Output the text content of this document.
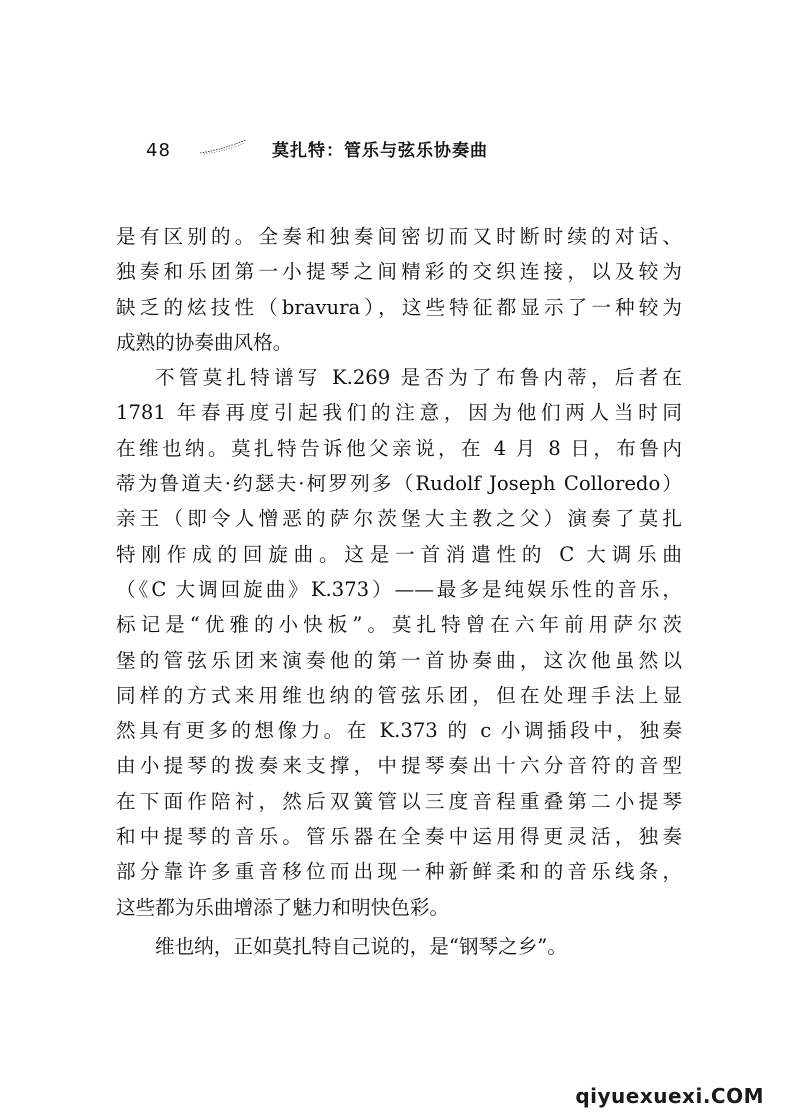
48	莫扎特：管乐与弦乐协奏曲
是有区别的。全奏和独奏间密切而又时断时续的对话、
独奏和乐团第一小提琴之间精彩的交织连接，以及较为
缺乏的炫技性（bravura），这些特征都显示了一种较为
成熟的协奏曲风格。
不管莫扎特谱写 K.269 是否为了布鲁内蒂，后者在
1781 年春再度引起我们的注意，因为他们两人当时同
在维也纳。莫扎特告诉他父亲说，在 4 月 8 日，布鲁内
蒂为鲁道夫·约瑟夫·柯罗列多（Rudolf Joseph Colloredo）
亲王（即令人憎恶的萨尔茨堡大主教之父）演奏了莫扎
特刚作成的回旋曲。这是一首消遣性的 C 大调乐曲
（《C 大调回旋曲》K.373）——最多是纯娱乐性的音乐，
标记是“优雅的小快板”。莫扎特曾在六年前用萨尔茨
堡的管弦乐团来演奏他的第一首协奏曲，这次他虽然以
同样的方式来用维也纳的管弦乐团，但在处理手法上显
然具有更多的想像力。在 K.373 的 c 小调插段中，独奏
由小提琴的拨奏来支撑，中提琴奏出十六分音符的音型
在下面作陪衬，然后双簧管以三度音程重叠第二小提琴
和中提琴的音乐。管乐器在全奏中运用得更灵活，独奏
部分靠许多重音移位而出现一种新鲜柔和的音乐线条，
这些都为乐曲增添了魅力和明快色彩。
维也纳，正如莫扎特自己说的，是“钢琴之乡”。
qiyuexuexi.COM
